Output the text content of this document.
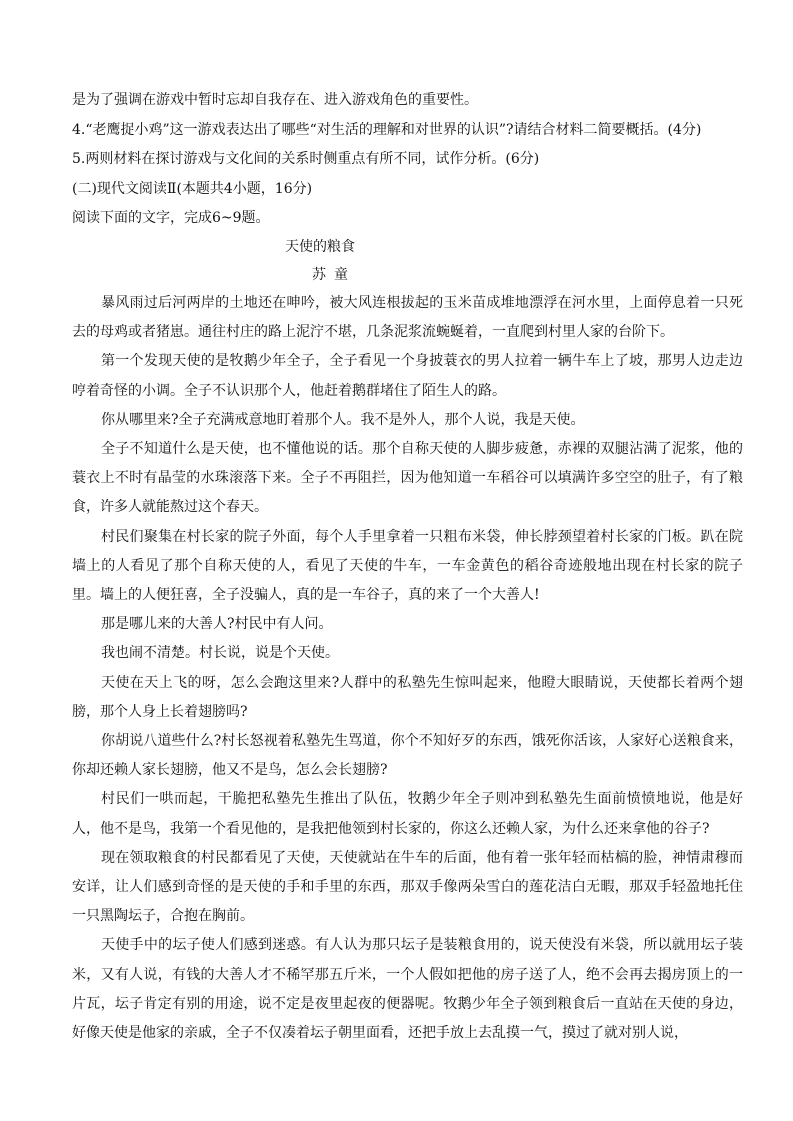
是为了强调在游戏中暂时忘却自我存在、进入游戏角色的重要性。

4.“老鹰捉小鸡”这一游戏表达出了哪些“对生活的理解和对世界的认识”?请结合材料二简要概括。(4分)

5.两则材料在探讨游戏与文化间的关系时侧重点有所不同，试作分析。(6分)

(二)现代文阅读Ⅱ(本题共4小题，16分)

阅读下面的文字，完成6~9题。

天使的粮食

苏童

暴风雨过后河两岸的土地还在呻吟，被大风连根拔起的玉米苗成堆地漂浮在河水里，上面停息着一只死去的母鸡或者猪崽。通往村庄的路上泥泞不堪，几条泥浆流蜿蜒着，一直爬到村里人家的台阶下。

第一个发现天使的是牧鹅少年全子，全子看见一个身披蓑衣的男人拉着一辆牛车上了坡，那男人边走边哼着奇怪的小调。全子不认识那个人，他赶着鹅群堵住了陌生人的路。

你从哪里来?全子充满戒意地盯着那个人。我不是外人，那个人说，我是天使。

全子不知道什么是天使，也不懂他说的话。那个自称天使的人脚步疲惫，赤裸的双腿沾满了泥浆，他的蓑衣上不时有晶莹的水珠滚落下来。全子不再阻拦，因为他知道一车稻谷可以填满许多空空的肚子，有了粮食，许多人就能熬过这个春天。

村民们聚集在村长家的院子外面，每个人手里拿着一只粗布米袋，伸长脖颈望着村长家的门板。趴在院墙上的人看见了那个自称天使的人，看见了天使的牛车，一车金黄色的稻谷奇迹般地出现在村长家的院子里。墙上的人便狂喜，全子没骗人，真的是一车谷子，真的来了一个大善人!

那是哪儿来的大善人?村民中有人问。

我也闹不清楚。村长说，说是个天使。

天使在天上飞的呀，怎么会跑这里来?人群中的私塾先生惊叫起来，他瞪大眼睛说，天使都长着两个翅膀，那个人身上长着翅膀吗?

你胡说八道些什么?村长怒视着私塾先生骂道，你个不知好歹的东西，饿死你活该，人家好心送粮食来，你却还赖人家长翅膀，他又不是鸟，怎么会长翅膀?

村民们一哄而起，干脆把私塾先生推出了队伍，牧鹅少年全子则冲到私塾先生面前愤愤地说，他是好人，他不是鸟，我第一个看见他的，是我把他领到村长家的，你这么还赖人家，为什么还来拿他的谷子?

现在领取粮食的村民都看见了天使，天使就站在牛车的后面，他有着一张年轻而枯槁的脸，神情肃穆而安详，让人们感到奇怪的是天使的手和手里的东西，那双手像两朵雪白的莲花洁白无暇，那双手轻盈地托住一只黑陶坛子，合抱在胸前。

天使手中的坛子使人们感到迷惑。有人认为那只坛子是装粮食用的，说天使没有米袋，所以就用坛子装米，又有人说，有钱的大善人才不稀罕那五斤米，一个人假如把他的房子送了人，绝不会再去揭房顶上的一片瓦，坛子肯定有别的用途，说不定是夜里起夜的便器呢。牧鹅少年全子领到粮食后一直站在天使的身边，好像天使是他家的亲戚，全子不仅凑着坛子朝里面看，还把手放上去乱摸一气，摸过了就对别人说，
